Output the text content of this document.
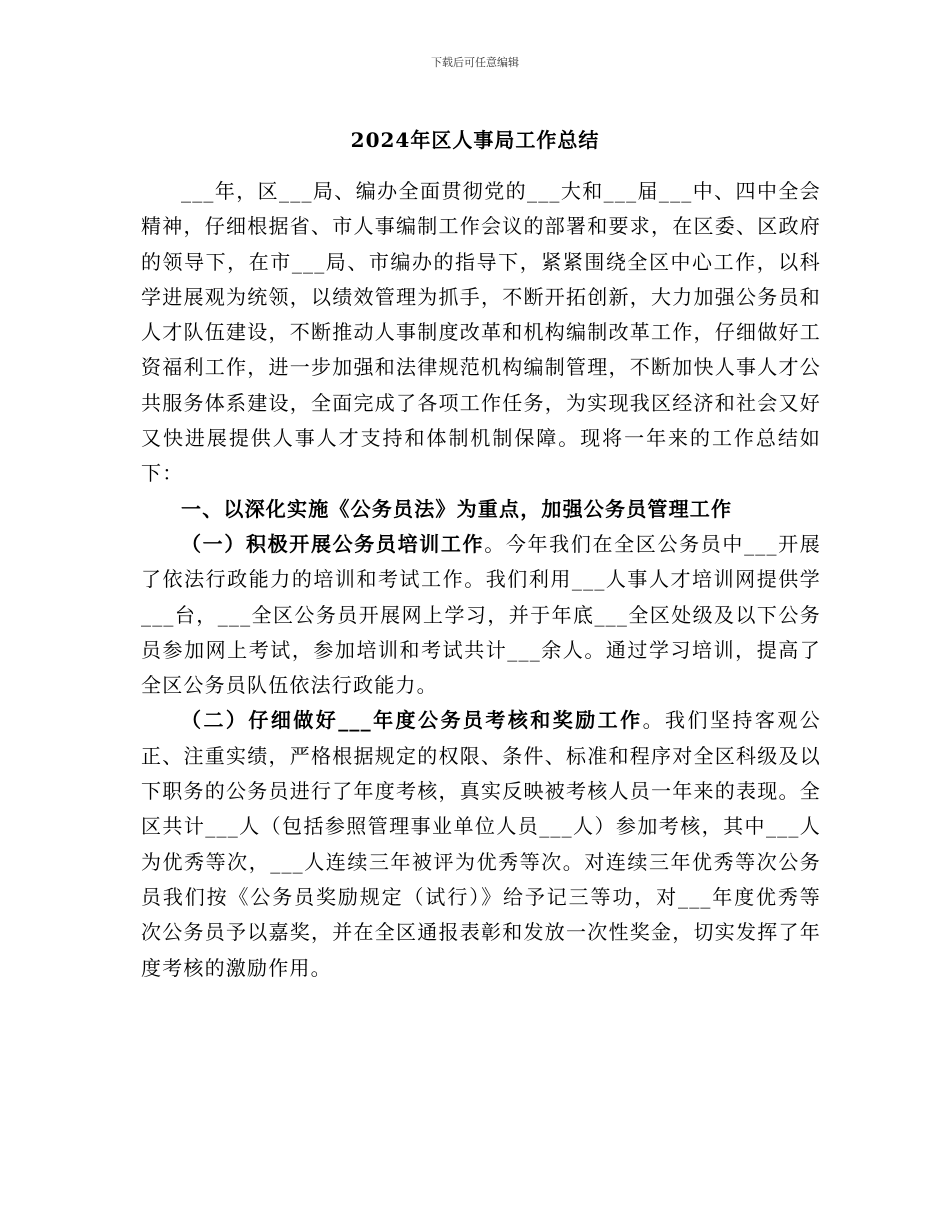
下载后可任意编辑
2024年区人事局工作总结

___年，区___局、编办全面贯彻党的___大和___届___中、四中全会精神，仔细根据省、市人事编制工作会议的部署和要求，在区委、区政府的领导下，在市___局、市编办的指导下，紧紧围绕全区中心工作，以科学进展观为统领，以绩效管理为抓手，不断开拓创新，大力加强公务员和人才队伍建设，不断推动人事制度改革和机构编制改革工作，仔细做好工资福利工作，进一步加强和法律规范机构编制管理，不断加快人事人才公共服务体系建设，全面完成了各项工作任务，为实现我区经济和社会又好又快进展提供人事人才支持和体制机制保障。现将一年来的工作总结如下：

一、以深化实施《公务员法》为重点，加强公务员管理工作

（一）积极开展公务员培训工作。今年我们在全区公务员中___开展了依法行政能力的培训和考试工作。我们利用___人事人才培训网提供学___台，___全区公务员开展网上学习，并于年底___全区处级及以下公务员参加网上考试，参加培训和考试共计___余人。通过学习培训，提高了全区公务员队伍依法行政能力。

（二）仔细做好___年度公务员考核和奖励工作。我们坚持客观公正、注重实绩，严格根据规定的权限、条件、标准和程序对全区科级及以下职务的公务员进行了年度考核，真实反映被考核人员一年来的表现。全区共计___人（包括参照管理事业单位人员___人）参加考核，其中___人为优秀等次，___人连续三年被评为优秀等次。对连续三年优秀等次公务员我们按《公务员奖励规定（试行）》给予记三等功，对___年度优秀等次公务员予以嘉奖，并在全区通报表彰和发放一次性奖金，切实发挥了年度考核的激励作用。
